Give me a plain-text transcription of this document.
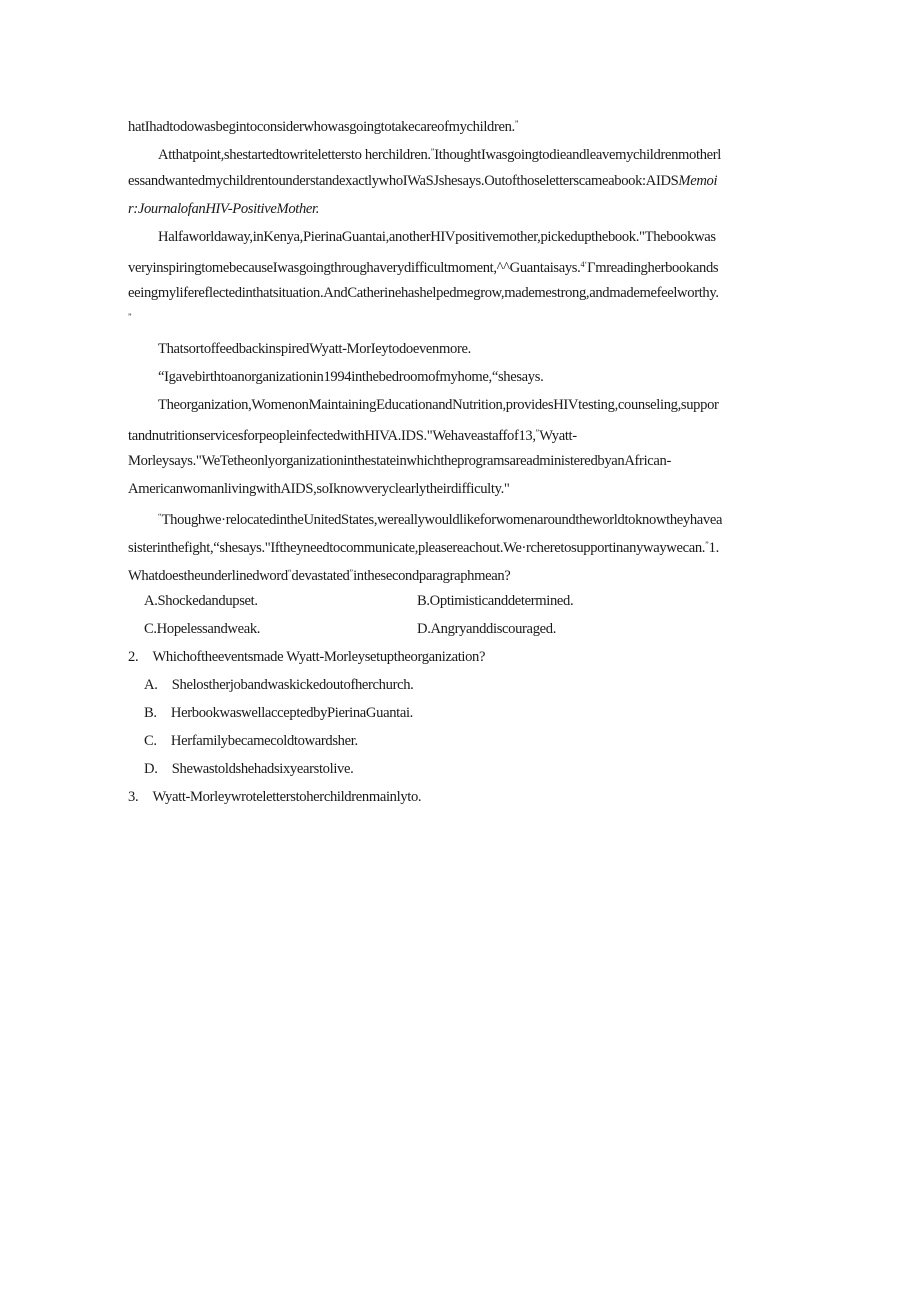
hatIhadtodowasbegintoconsiderwhowasgoingtotakecareofmychildren.”
Atthatpoint,shestartedtowritelettersto herchildren.”IthoughtIwasgoingtodieandleavemychildrenmotherl
essandwantedmychildrentounderstandexactlywhoIWaSJshesays.Outofthoseletterscameabook:AIDSMemoi
r:JournalofanHIV-PositiveMother.
Halfaworldaway,inKenya,PierinaGuantai,anotherHIVpositivemother,pickedupthebook."Thebookwas
veryinspiringtomebecauseIwasgoingthroughaverydifficultmoment,^^Guantaisays.$^{4‘}$Гmreadingherbookands
eeingmylifereflectedinthatsituation.AndCatherinehashelpedmegrow,mademestrong,andmademefeelworthy.
”
ThatsortoffeedbackinspiredWyatt-MorIeytodoevenmore.
“Igavebirthtoanorganizationin1994inthebedroomofmyhome,“shesays.
Theorganization,WomenonMaintainingEducationandNutrition,providesHIVtesting,counseling,suppor
tandnutritionservicesforpeopleinfectedwithHIVA.IDS."Wehaveastaffof13,”Wyatt-
Morleysays."WeTetheonlyorganizationinthestateinwhichtheprogramsareadministeredbyanAfrican-
AmericanwomanlivingwithAIDS,soIknowveryclearlytheirdifficulty."
“Thoughwe·relocatedintheUnitedStates,wereallywouldlikeforwomenaroundtheworldtoknowtheyhavea
sisterinthefight,“shesays."Iftheyneedtocommunicate,pleasereachout.We·rcheretosupportinanywaywecan.”1.
Whatdoestheunderlinedword“devastated”inthesecondparagraphmean?
A.Shockedandupset.	B.Optimisticanddetermined.
C.Hopelessandweak.	D.Angryanddiscouraged.
2. Whichoftheeventsmade Wyatt-Morleysetuptheorganization?
A. Shelostherjobandwaskickedoutofherchurch.
B. HerbookwaswellacceptedbyPierinaGuantai.
C. Herfamilybecamecoldtowardsher.
D. Shewastoldshehadsixyearstolive.
3. Wyatt-Morleywroteletterstoherchildrenmainlyto.
